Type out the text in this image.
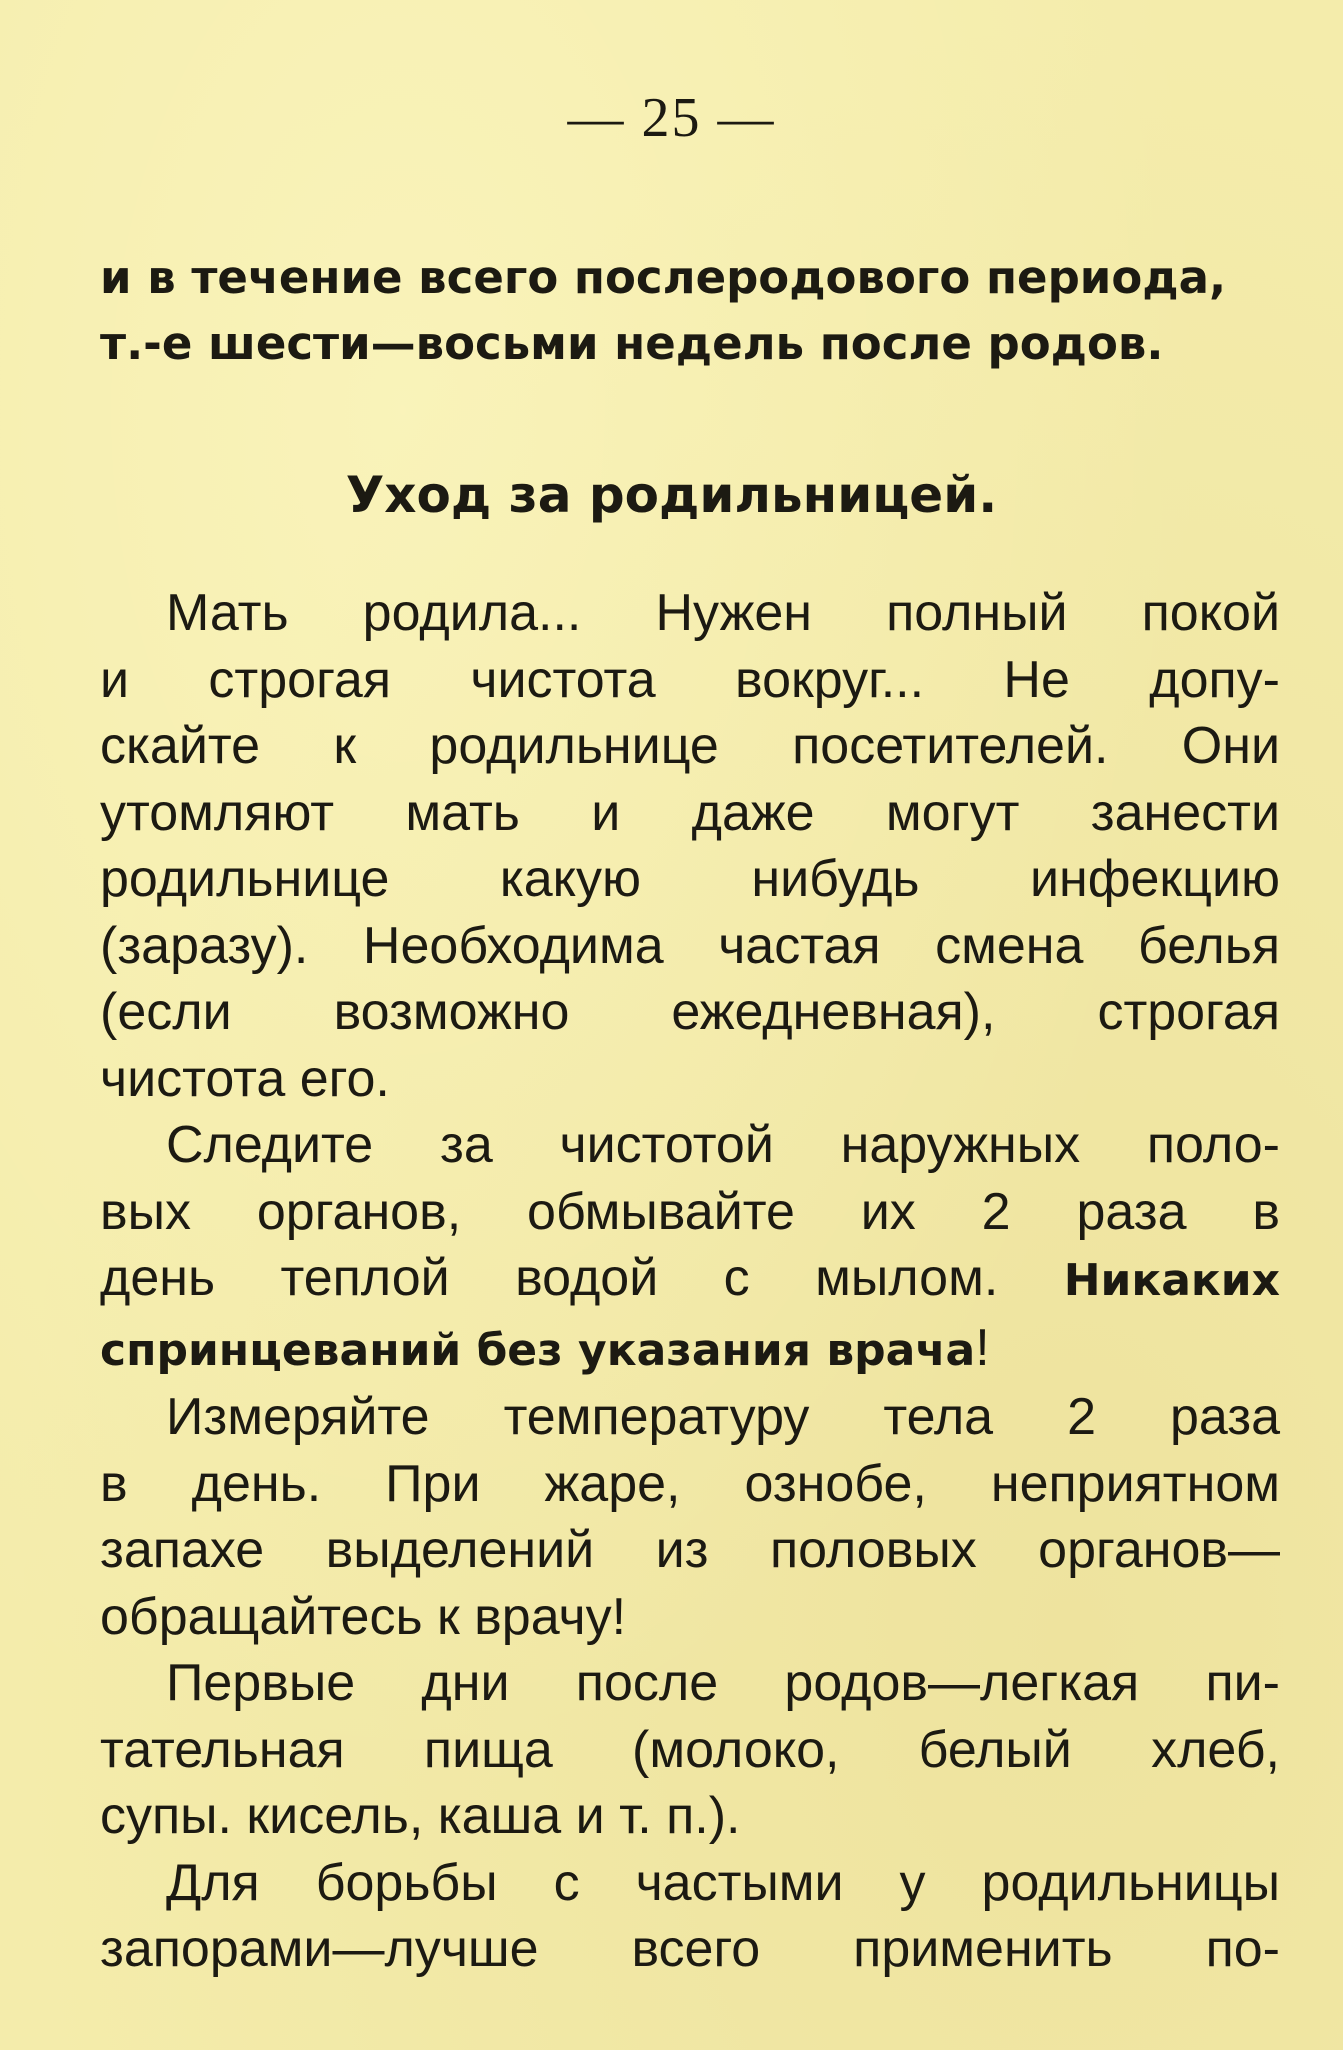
— 25 —
и в течение всего послеродового периода,
т.-е шести—восьми недель после родов.
Уход за родильницей.
Мать родила... Нужен полный покой
и строгая чистота вокруг... Не допу-
скайте к родильнице посетителей. Они
утомляют мать и даже могут занести
родильнице какую нибудь инфекцию
(заразу). Необходима частая смена белья
(если возможно ежедневная), строгая
чистота его.
Следите за чистотой наружных поло-
вых органов, обмывайте их 2 раза в
день теплой водой с мылом. Никаких
спринцеваний без указания врача!
Измеряйте температуру тела 2 раза
в день. При жаре, ознобе, неприятном
запахе выделений из половых органов—
обращайтесь к врачу!
Первые дни после родов—легкая пи-
тательная пища (молоко, белый хлеб,
супы. кисель, каша и т. п.).
Для борьбы с частыми у родильницы
запорами—лучше всего применить по-
